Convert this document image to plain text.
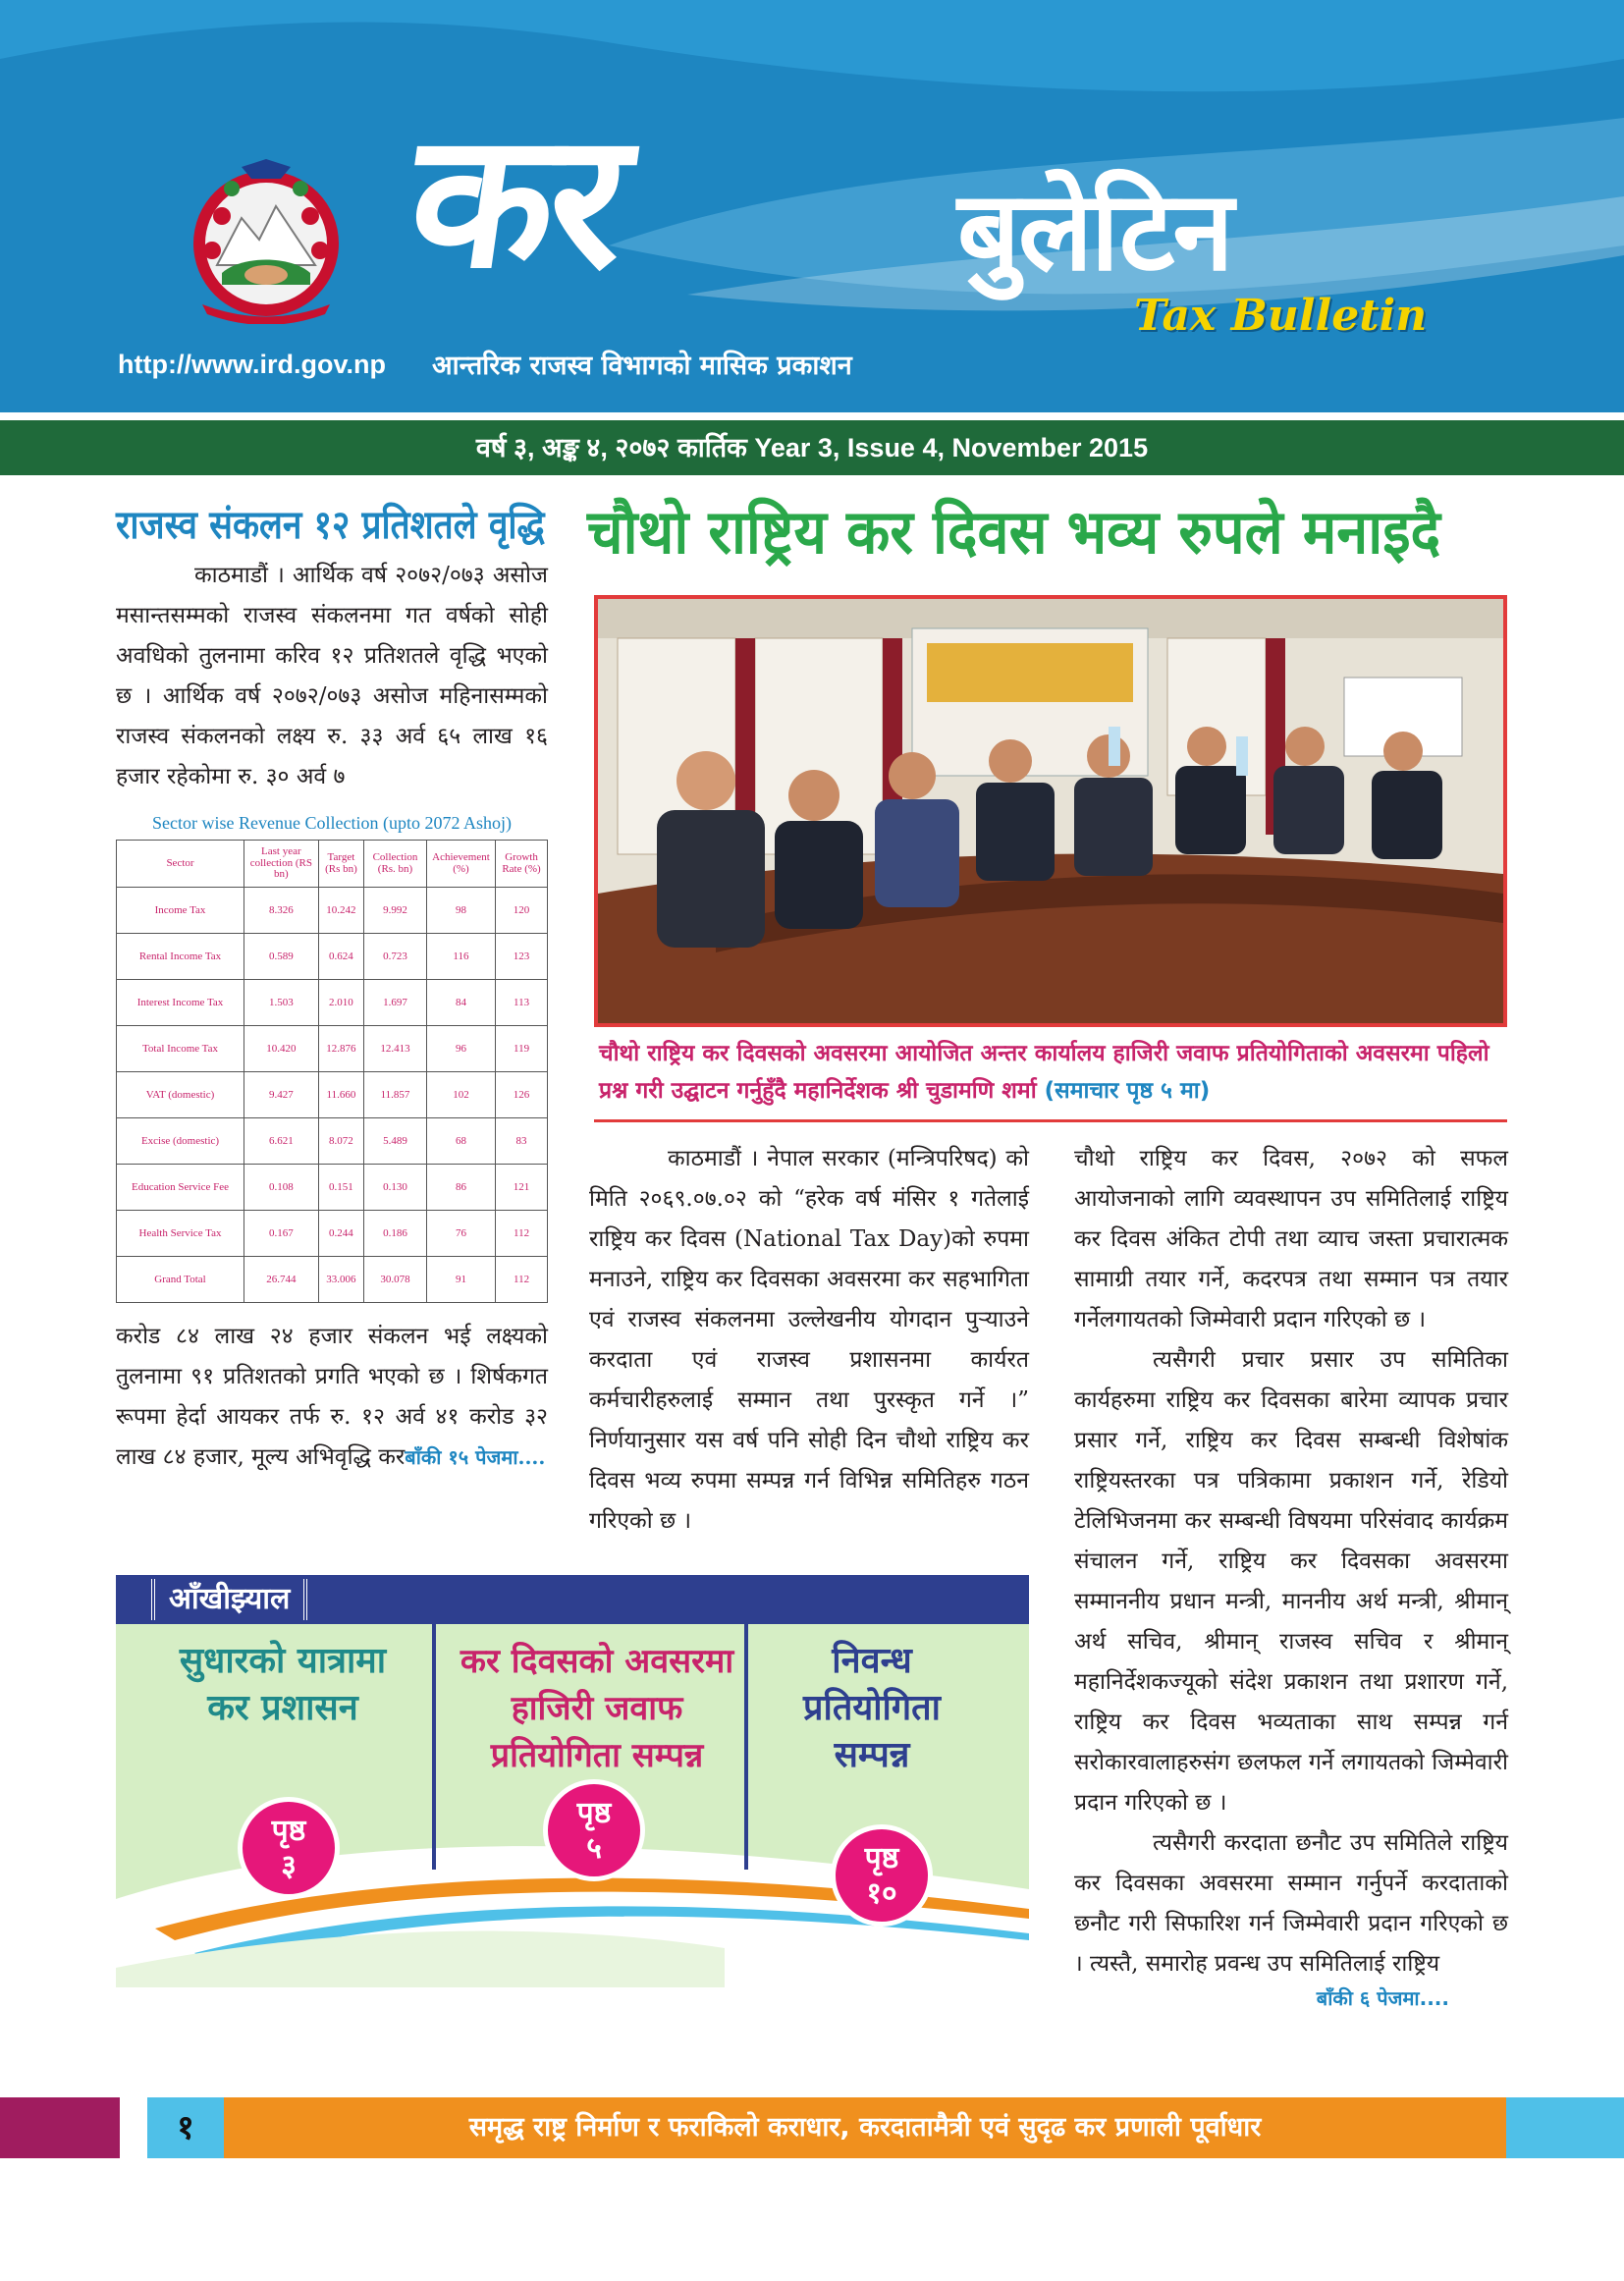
कर	बुलेटिन
Tax Bulletin
http://www.ird.gov.np आन्तरिक राजस्व विभागको मासिक प्रकाशन
वर्ष ३, अङ्क ४, २०७२ कार्तिक Year 3, Issue 4, November 2015
राजस्व संकलन १२ प्रतिशतले वृद्धि

काठमाडौं । आर्थिक वर्ष २०७२/०७३ असोज मसान्तसम्मको राजस्व संकलनमा गत वर्षको सोही अवधिको तुलनामा करिव १२ प्रतिशतले वृद्धि भएको छ । आर्थिक वर्ष २०७२/०७३ असोज महिनासम्मको राजस्व संकलनको लक्ष्य रु. ३३ अर्व ६५ लाख १६ हजार रहेकोमा रु. ३० अर्व ७

Sector wise Revenue Collection (upto 2072 Ashoj)
Sector	Last year collection (RS bn)	Target (Rs bn)	Collection (Rs. bn)	Achievement (%)	Growth Rate (%)
Income Tax	8.326	10.242	9.992	98	120
Rental Income Tax	0.589	0.624	0.723	116	123
Interest Income Tax	1.503	2.010	1.697	84	113
Total Income Tax	10.420	12.876	12.413	96	119
VAT (domestic)	9.427	11.660	11.857	102	126
Excise (domestic)	6.621	8.072	5.489	68	83
Education Service Fee	0.108	0.151	0.130	86	121
Health Service Tax	0.167	0.244	0.186	76	112
Grand Total	26.744	33.006	30.078	91	112

करोड ८४ लाख २४ हजार संकलन भई लक्ष्यको तुलनामा ९१ प्रतिशतको प्रगति भएको छ । शिर्षकगत रूपमा हेर्दा आयकर तर्फ रु. १२ अर्व ४१ करोड ३२ लाख ८४ हजार, मूल्य अभिवृद्धि करबाँकी १५ पेजमा....

चौथो राष्ट्रिय कर दिवस भव्य रुपले मनाइदै
चौथो राष्ट्रिय कर दिवसको अवसरमा आयोजित अन्तर कार्यालय हाजिरी जवाफ प्रतियोगिताको अवसरमा पहिलो प्रश्न गरी उद्घाटन गर्नुहुँदै महानिर्देशक श्री चुडामणि शर्मा (समाचार पृष्ठ ५ मा)

काठमाडौं । नेपाल सरकार (मन्त्रिपरिषद) को मिति २०६९.०७.०२ को “हरेक वर्ष मंसिर १ गतेलाई राष्ट्रिय कर दिवस (National Tax Day)को रुपमा मनाउने, राष्ट्रिय कर दिवसका अवसरमा कर सहभागिता एवं राजस्व संकलनमा उल्लेखनीय योगदान पुऱ्याउने करदाता एवं राजस्व प्रशासनमा कार्यरत कर्मचारीहरुलाई सम्मान तथा पुरस्कृत गर्ने ।” निर्णयानुसार यस वर्ष पनि सोही दिन चौथो राष्ट्रिय कर दिवस भव्य रुपमा सम्पन्न गर्न विभिन्न समितिहरु गठन गरिएको छ ।

चौथो राष्ट्रिय कर दिवस, २०७२ को सफल आयोजनाको लागि व्यवस्थापन उप समितिलाई राष्ट्रिय कर दिवस अंकित टोपी तथा व्याच जस्ता प्रचारात्मक सामाग्री तयार गर्ने, कदरपत्र तथा सम्मान पत्र तयार गर्नेलगायतको जिम्मेवारी प्रदान गरिएको छ ।

त्यसैगरी प्रचार प्रसार उप समितिका कार्यहरुमा राष्ट्रिय कर दिवसका बारेमा व्यापक प्रचार प्रसार गर्ने, राष्ट्रिय कर दिवस सम्बन्धी विशेषांक राष्ट्रियस्तरका पत्र पत्रिकामा प्रकाशन गर्ने, रेडियो टेलिभिजनमा कर सम्बन्धी विषयमा परिसंवाद कार्यक्रम संचालन गर्ने, राष्ट्रिय कर दिवसका अवसरमा सम्माननीय प्रधान मन्त्री, माननीय अर्थ मन्त्री, श्रीमान् अर्थ सचिव, श्रीमान् राजस्व सचिव र श्रीमान् महानिर्देशकज्यूको संदेश प्रकाशन तथा प्रशारण गर्ने, राष्ट्रिय कर दिवस भव्यताका साथ सम्पन्न गर्न सरोकारवालाहरुसंग छलफल गर्ने लगायतको जिम्मेवारी प्रदान गरिएको छ ।

त्यसैगरी करदाता छनौट उप समितिले राष्ट्रिय कर दिवसका अवसरमा सम्मान गर्नुपर्ने करदाताको छनौट गरी सिफारिश गर्न जिम्मेवारी प्रदान गरिएको छ । त्यस्तै, समारोह प्रवन्ध उप समितिलाई राष्ट्रिय

बाँकी ६ पेजमा....
आँखीझ्याल
सुधारको यात्रामा कर प्रशासन
कर दिवसको अवसरमा हाजिरी जवाफ प्रतियोगिता सम्पन्न
निवन्ध प्रतियोगिता सम्पन्न
पृष्ठ
३
पृष्ठ
५	पृष्ठ
१०
१	समृद्ध राष्ट्र निर्माण र फराकिलो कराधार, करदातामैत्री एवं सुदृढ कर प्रणाली पूर्वाधार
